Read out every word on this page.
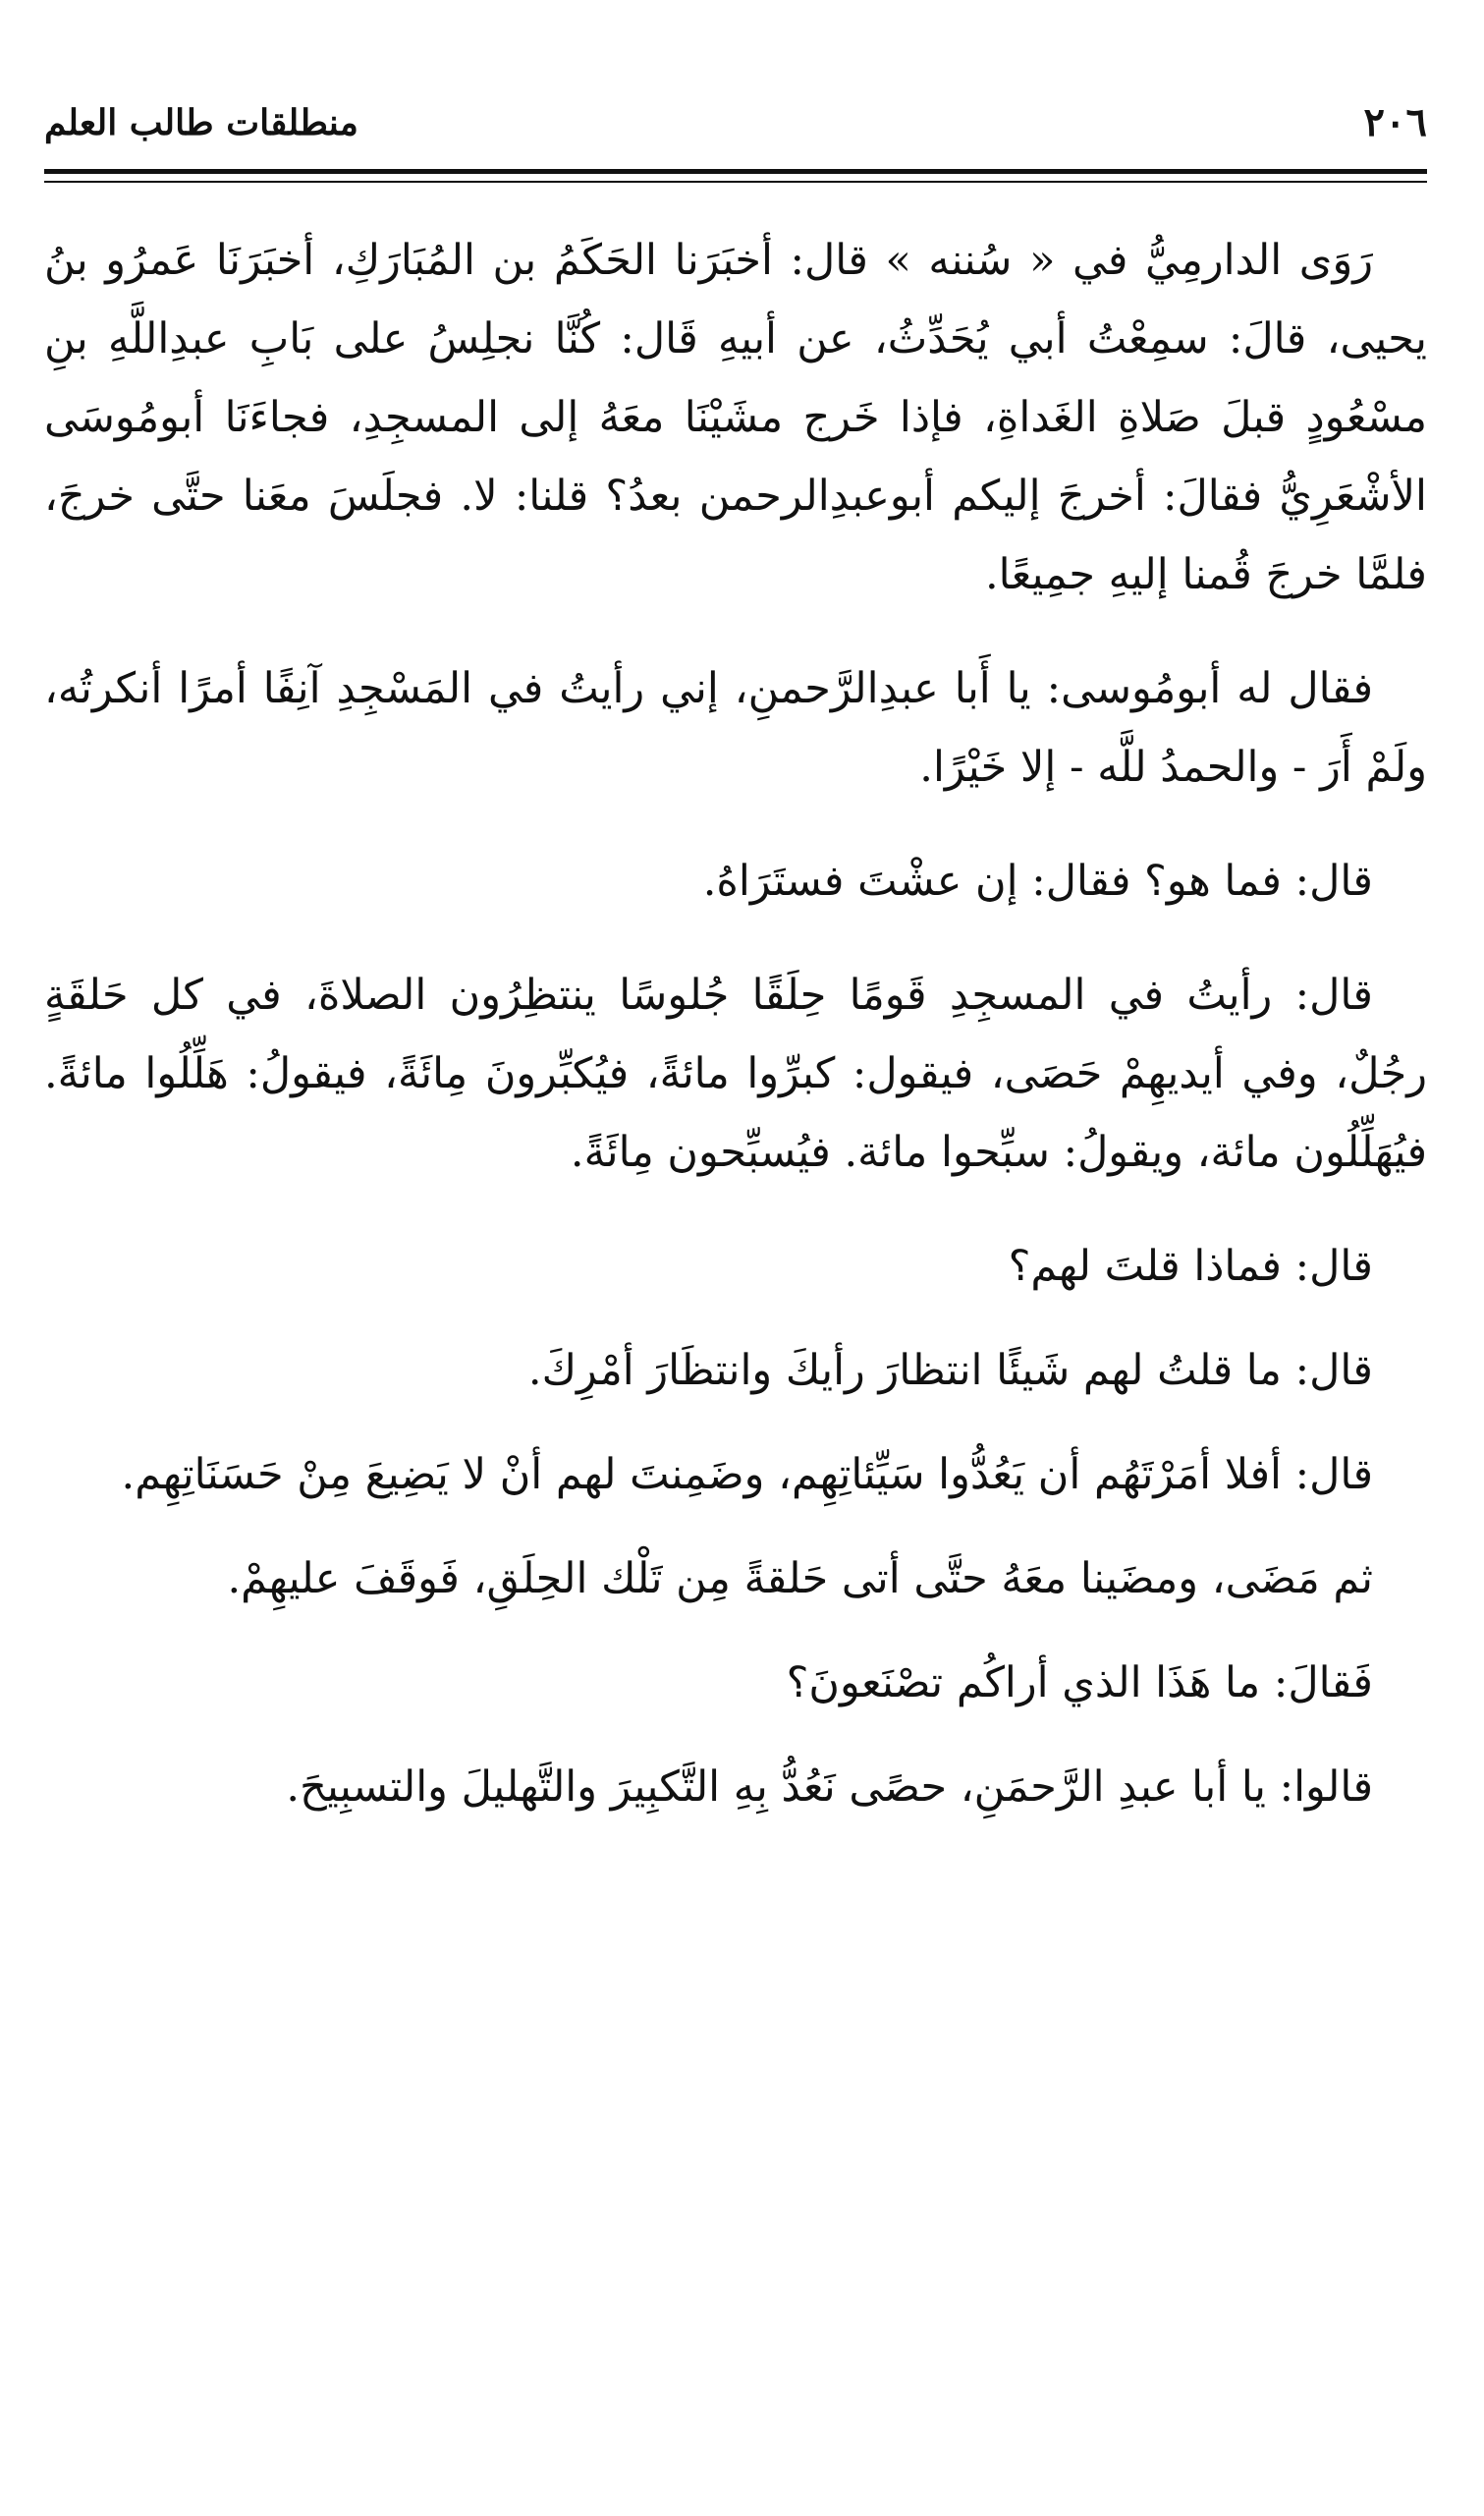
٢٠٦
منطلقات طالب العلم

رَوَى الدارمِيُّ في « سُننه » قال: أخبَرَنا الحَكَمُ بن المُبَارَكِ، أخبَرَنَا عَمرُو بنُ يحيى، قالَ: سمِعْتُ أبي يُحَدِّثُ، عن أبيهِ قَال: كُنَّا نجلِسُ على بَابِ عبدِاللَّهِ بنِ مسْعُودٍ قبلَ صَلاةِ الغَداةِ، فإذا خَرج مشَيْنَا معَهُ إلى المسجِدِ، فجاءَنَا أبومُوسَى الأشْعَرِيُّ فقالَ: أخرجَ إليكم أبوعبدِالرحمن بعدُ؟ قلنا: لا. فجلَسَ معَنا حتَّى خرجَ، فلمَّا خرجَ قُمنا إليهِ جمِيعًا.

فقال له أبومُوسى: يا أَبا عبدِالرَّحمنِ، إني رأيتُ في المَسْجِدِ آنِفًا أمرًا أنكرتُه، ولَمْ أَرَ - والحمدُ للَّه - إلا خَيْرًا.

قال: فما هو؟ فقال: إن عشْتَ فستَرَاهُ.

قال: رأيتُ في المسجِدِ قَومًا حِلَقًا جُلوسًا ينتظِرُون الصلاةَ، في كل حَلقَةٍ رجُلٌ، وفي أيديهِمْ حَصَى، فيقول: كبرِّوا مائةً، فيُكبِّرونَ مِائَةً، فيقولُ: هَلِّلُوا مائةً. فيُهَلِّلُون مائة، ويقولُ: سبِّحوا مائة. فيُسبِّحون مِائَةً.

قال: فماذا قلتَ لهم؟

قال: ما قلتُ لهم شَيئًا انتظارَ رأيكَ وانتظَارَ أمْرِكَ.

قال: أفلا أمَرْتَهُم أن يَعُدُّوا سَيِّئاتِهِم، وضَمِنتَ لهم أنْ لا يَضِيعَ مِنْ حَسَنَاتِهِم.

ثم مَضَى، ومضَينا معَهُ حتَّى أتى حَلقةً مِن تَلْك الحِلَقِ، فَوقَفَ عليهِمْ.

فَقالَ: ما هَذَا الذي أراكُم تصْنَعونَ؟

قالوا: يا أبا عبدِ الرَّحمَنِ، حصًى نَعُدُّ بِهِ التَّكبِيرَ والتَّهليلَ والتسبِيحَ.
